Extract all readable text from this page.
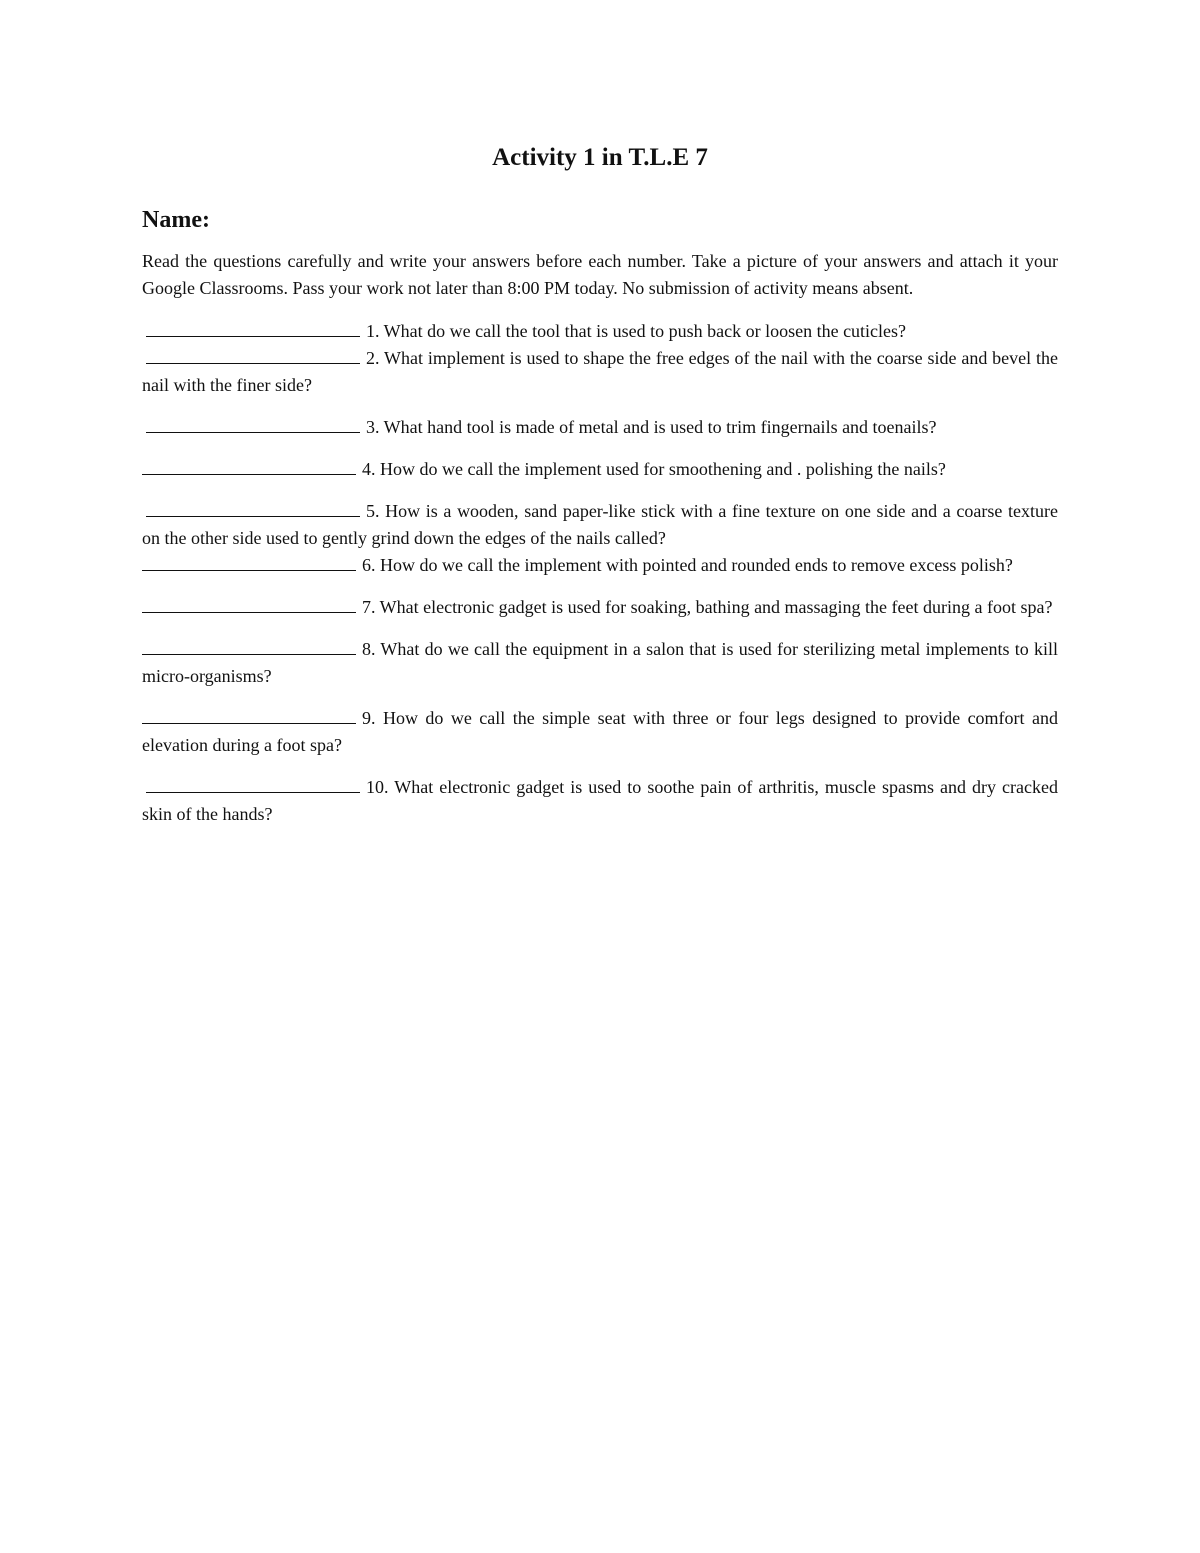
Activity 1 in T.L.E 7
Name:

Read the questions carefully and write your answers before each number. Take a picture of your answers and attach it your Google Classrooms. Pass your work not later than 8:00 PM today. No submission of activity means absent.

1. What do we call the tool that is used to push back or loosen the cuticles?

2. What implement is used to shape the free edges of the nail with the coarse side and bevel the nail with the finer side?

3. What hand tool is made of metal and is used to trim fingernails and toenails?

4. How do we call the implement used for smoothening and . polishing the nails?

5. How is a wooden, sand paper-like stick with a fine texture on one side and a coarse texture on the other side used to gently grind down the edges of the nails called?

6. How do we call the implement with pointed and rounded ends to remove excess polish?

7. What electronic gadget is used for soaking, bathing and massaging the feet during a foot spa?

8. What do we call the equipment in a salon that is used for sterilizing metal implements to kill micro-organisms?

9. How do we call the simple seat with three or four legs designed to provide comfort and elevation during a foot spa?

10. What electronic gadget is used to soothe pain of arthritis, muscle spasms and dry cracked skin of the hands?
